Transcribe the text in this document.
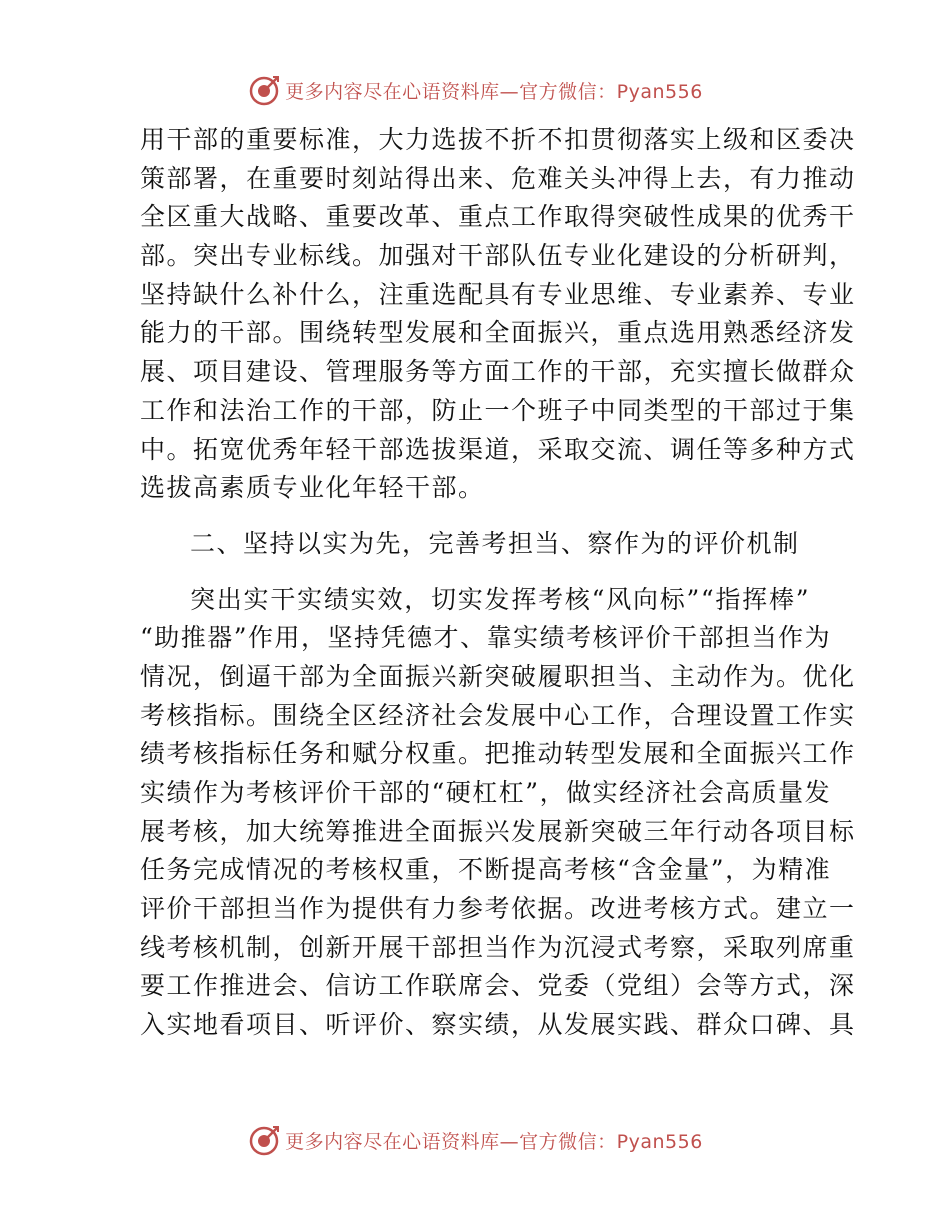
更多内容尽在心语资料库—官方微信：Pyan556
用干部的重要标准，大力选拔不折不扣贯彻落实上级和区委决
策部署，在重要时刻站得出来、危难关头冲得上去，有力推动
全区重大战略、重要改革、重点工作取得突破性成果的优秀干
部。突出专业标线。加强对干部队伍专业化建设的分析研判，
坚持缺什么补什么，注重选配具有专业思维、专业素养、专业
能力的干部。围绕转型发展和全面振兴，重点选用熟悉经济发
展、项目建设、管理服务等方面工作的干部，充实擅长做群众
工作和法治工作的干部，防止一个班子中同类型的干部过于集
中。拓宽优秀年轻干部选拔渠道，采取交流、调任等多种方式
选拔高素质专业化年轻干部。
二、坚持以实为先，完善考担当、察作为的评价机制
突出实干实绩实效，切实发挥考核“风向标”“指挥棒”
“助推器”作用，坚持凭德才、靠实绩考核评价干部担当作为
情况，倒逼干部为全面振兴新突破履职担当、主动作为。优化
考核指标。围绕全区经济社会发展中心工作，合理设置工作实
绩考核指标任务和赋分权重。把推动转型发展和全面振兴工作
实绩作为考核评价干部的“硬杠杠”，做实经济社会高质量发
展考核，加大统筹推进全面振兴发展新突破三年行动各项目标
任务完成情况的考核权重，不断提高考核“含金量”，为精准
评价干部担当作为提供有力参考依据。改进考核方式。建立一
线考核机制，创新开展干部担当作为沉浸式考察，采取列席重
要工作推进会、信访工作联席会、党委（党组）会等方式，深
入实地看项目、听评价、察实绩，从发展实践、群众口碑、具
更多内容尽在心语资料库—官方微信：Pyan556
